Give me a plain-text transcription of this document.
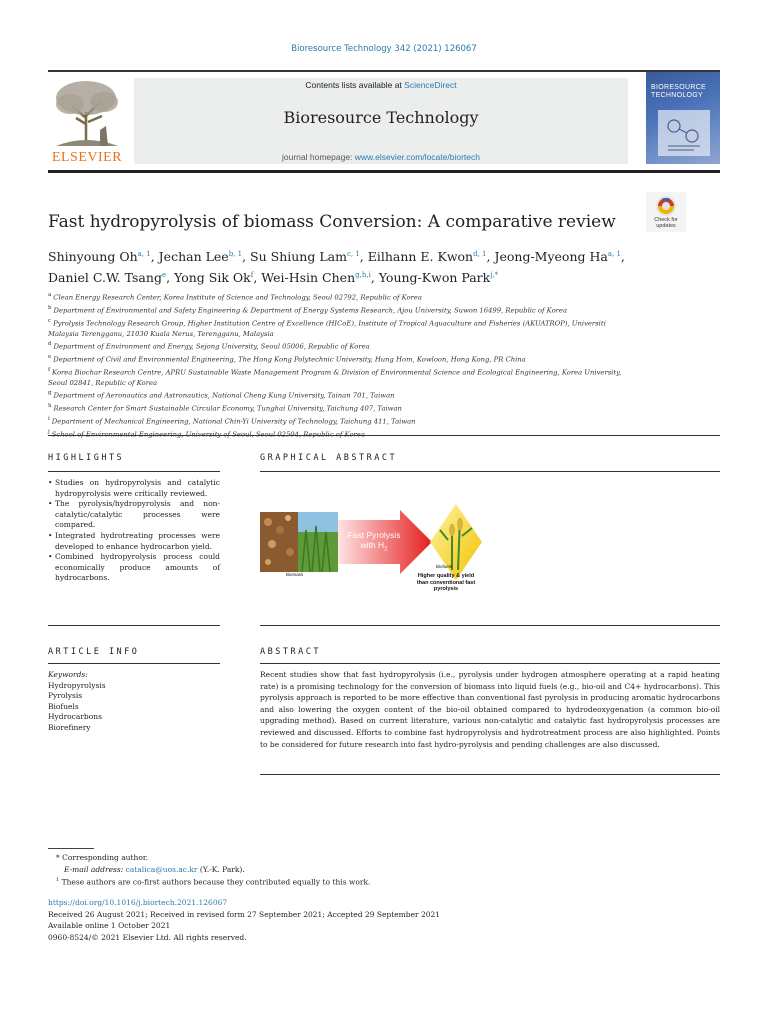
Bioresource Technology 342 (2021) 126067
ELSEVIER
Contents lists available at ScienceDirect
Bioresource Technology
journal homepage: www.elsevier.com/locate/biortech
BIORESOURCE TECHNOLOGY
Fast hydropyrolysis of biomass Conversion: A comparative review	Check for updates
Shinyoung Oh$^{a, 1}$, Jechan Lee$^{b, 1}$, Su Shiung Lam$^{c, 1}$, Eilhann E. Kwon$^{d, 1}$, Jeong-Myeong Ha$^{a, 1}$,
Daniel C.W. Tsang$^e$, Yong Sik Ok$^f$, Wei-Hsin Chen$^{g,h,i}$, Young-Kwon Park$^{j,*}$
$^a$ Clean Energy Research Center, Korea Institute of Science and Technology, Seoul 02792, Republic of Korea
$^b$ Department of Environmental and Safety Engineering & Department of Energy Systems Research, Ajou University, Suwon 16499, Republic of Korea
$^c$ Pyrolysis Technology Research Group, Higher Institution Centre of Excellence (HICoE), Institute of Tropical Aquaculture and Fisheries (AKUATROP), Universiti Malaysia Terengganu, 21030 Kuala Nerus, Terengganu, Malaysia
$^d$ Department of Environment and Energy, Sejong University, Seoul 05006, Republic of Korea
$^e$ Department of Civil and Environmental Engineering, The Hong Kong Polytechnic University, Hung Hom, Kowloon, Hong Kong, PR China
$^f$ Korea Biochar Research Centre, APRU Sustainable Waste Management Program & Division of Environmental Science and Ecological Engineering, Korea University, Seoul 02841, Republic of Korea
$^g$ Department of Aeronautics and Astronautics, National Cheng Kung University, Tainan 701, Taiwan
$^h$ Research Center for Smart Sustainable Circular Economy, Tunghai University, Taichung 407, Taiwan
$^i$ Department of Mechanical Engineering, National Chin-Yi University of Technology, Taichung 411, Taiwan
$^j$
HIGHLIGHTS
• Studies on hydropyrolysis and catalytic hydropyrolysis were critically reviewed.
• The pyrolysis/hydropyrolysis and non-catalytic/catalytic processes were compared.
• Integrated hydrotreating processes were developed to enhance hydrocarbon yield.
• Combined hydropyrolysis process could economically produce amounts of hydrocarbons.
GRAPHICAL ABSTRACT
Fast Pyrolysis
with $H_2$
Biomass
Biofuels
Higher quality & yield
than conventional fast
pyrolysis
ARTICLE INFO
Keywords:
Hydropyrolysis
Pyrolysis
Biofuels
Hydrocarbons
Biorefinery
ABSTRACT
Recent studies show that fast hydropyrolysis (i.e., pyrolysis under hydrogen atmosphere operating at a rapid heating rate) is a promising technology for the conversion of biomass into liquid fuels (e.g., bio-oil and C4+ hydrocarbons). This pyrolysis approach is reported to be more effective than conventional fast pyrolysis in producing aromatic hydrocarbons and also lowering the oxygen content of the bio-oil obtained compared to hydrodeoxygenation (a common bio-oil upgrading method). Based on current literature, various non-catalytic and catalytic fast hydropyrolysis processes are reviewed and discussed. Efforts to combine fast hydropyrolysis and hydrotreatment process are also highlighted. Points to be considered for future research into fast hydro-pyrolysis and pending challenges are also discussed.
* Corresponding author.
E-mail address: catalica@uos.ac.kr (Y.-K. Park).
$^1$ These authors are co-first authors because they contributed equally to this work.
https://doi.org/10.1016/j.biortech.2021.126067
Received 26 August 2021; Received in revised form 27 September 2021; Accepted 29 September 2021
Available online 1 October 2021
0960-8524/© 2021 Elsevier Ltd. All rights reserved.
